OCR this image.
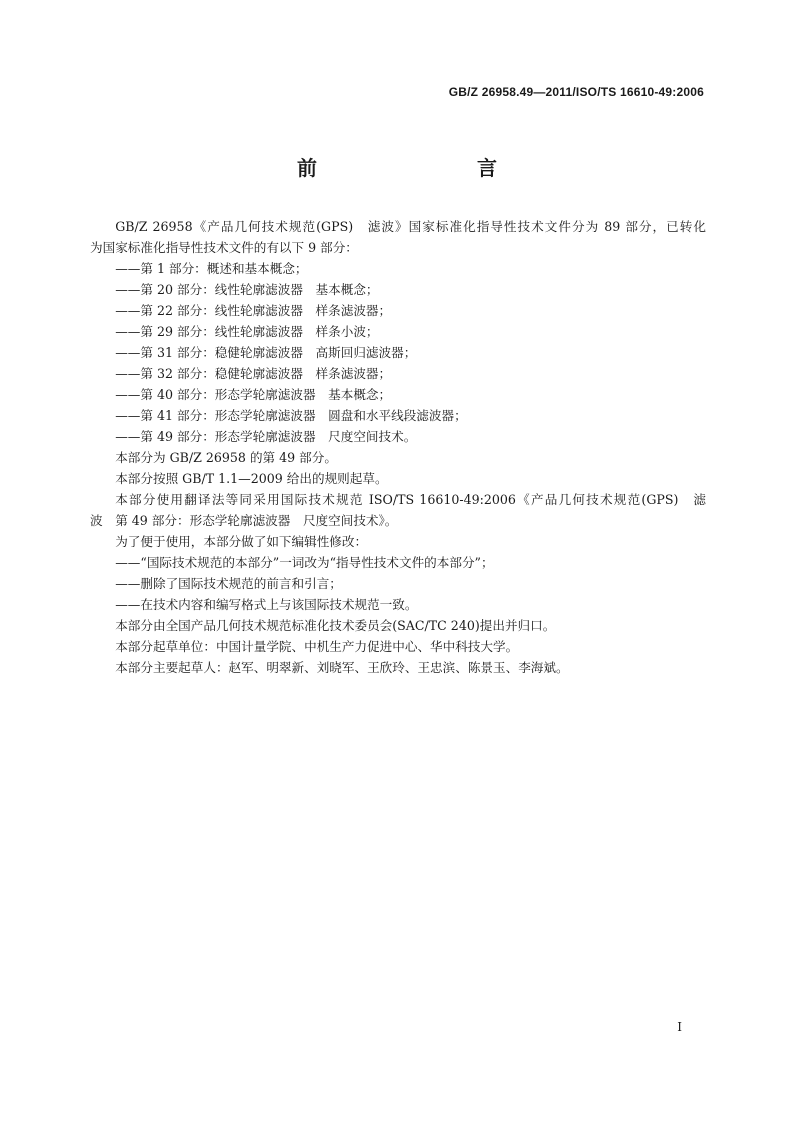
GB/Z 26958.49—2011/ISO/TS 16610-49:2006
前　　言

GB/Z 26958《产品几何技术规范(GPS)　滤波》国家标准化指导性技术文件分为 89 部分，已转化

为国家标准化指导性技术文件的有以下 9 部分：

——第 1 部分：概述和基本概念；

——第 20 部分：线性轮廓滤波器　基本概念；

——第 22 部分：线性轮廓滤波器　样条滤波器；

——第 29 部分：线性轮廓滤波器　样条小波；

——第 31 部分：稳健轮廓滤波器　高斯回归滤波器；

——第 32 部分：稳健轮廓滤波器　样条滤波器；

——第 40 部分：形态学轮廓滤波器　基本概念；

——第 41 部分：形态学轮廓滤波器　圆盘和水平线段滤波器；

——第 49 部分：形态学轮廓滤波器　尺度空间技术。

本部分为 GB/Z 26958 的第 49 部分。

本部分按照 GB/T 1.1—2009 给出的规则起草。

本部分使用翻译法等同采用国际技术规范 ISO/TS 16610-49:2006《产品几何技术规范(GPS)　滤

波　第 49 部分：形态学轮廓滤波器　尺度空间技术》。

为了便于使用，本部分做了如下编辑性修改：

——“国际技术规范的本部分”一词改为“指导性技术文件的本部分”；

——删除了国际技术规范的前言和引言；

——在技术内容和编写格式上与该国际技术规范一致。

本部分由全国产品几何技术规范标准化技术委员会(SAC/TC 240)提出并归口。

本部分起草单位：中国计量学院、中机生产力促进中心、华中科技大学。

本部分主要起草人：赵军、明翠新、刘晓军、王欣玲、王忠滨、陈景玉、李海斌。

I
